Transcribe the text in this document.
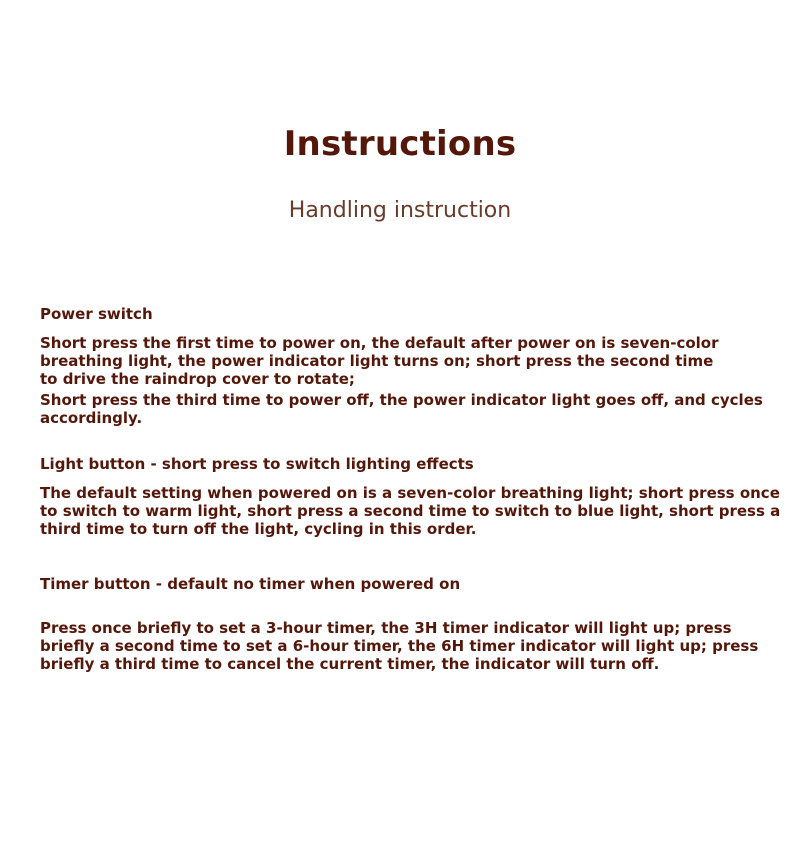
Instructions
Handling instruction
Power switch
Short press the first time to power on, the default after power on is seven-color
breathing light, the power indicator light turns on; short press the second time
to drive the raindrop cover to rotate;
Short press the third time to power off, the power indicator light goes off, and cycles
accordingly.
Light button - short press to switch lighting effects
The default setting when powered on is a seven-color breathing light; short press once
to switch to warm light, short press a second time to switch to blue light, short press a
third time to turn off the light, cycling in this order.
Timer button - default no timer when powered on
Press once briefly to set a 3-hour timer, the 3H timer indicator will light up; press
briefly a second time to set a 6-hour timer, the 6H timer indicator will light up; press
briefly a third time to cancel the current timer, the indicator will turn off.
